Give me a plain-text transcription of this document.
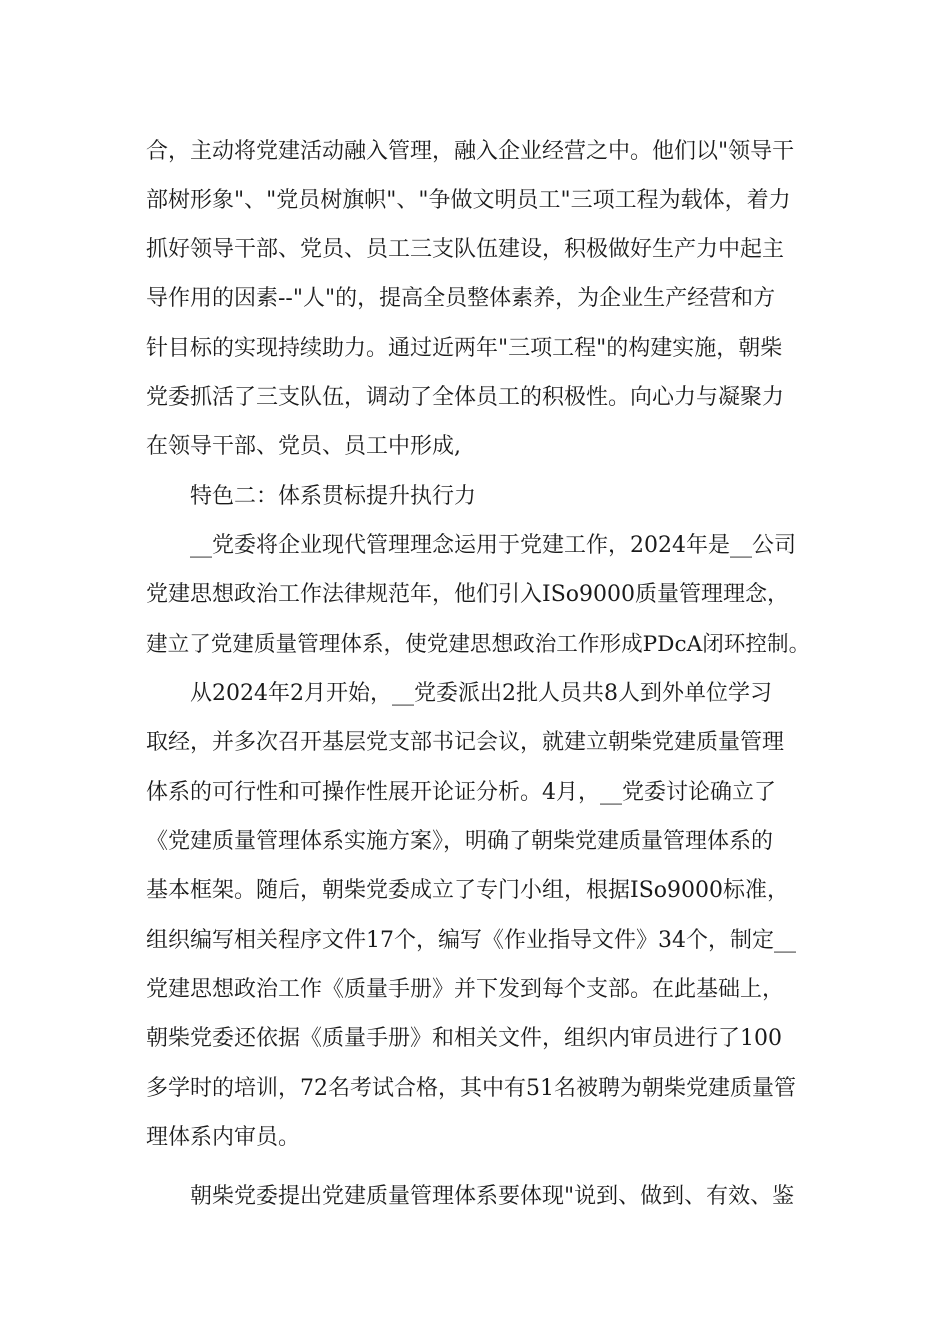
合，主动将党建活动融入管理，融入企业经营之中。他们以"领导干
部树形象"、"党员树旗帜"、"争做文明员工"三项工程为载体，着力
抓好领导干部、党员、员工三支队伍建设，积极做好生产力中起主
导作用的因素--"人"的，提高全员整体素养，为企业生产经营和方
针目标的实现持续助力。通过近两年"三项工程"的构建实施，朝柴
党委抓活了三支队伍，调动了全体员工的积极性。向心力与凝聚力
在领导干部、党员、员工中形成,
特色二：体系贯标提升执行力
__党委将企业现代管理理念运用于党建工作，2024年是__公司
党建思想政治工作法律规范年，他们引入ISo9000质量管理理念，
建立了党建质量管理体系，使党建思想政治工作形成PDcA闭环控制。
从2024年2月开始，__党委派出2批人员共8人到外单位学习
取经，并多次召开基层党支部书记会议，就建立朝柴党建质量管理
体系的可行性和可操作性展开论证分析。4月，__党委讨论确立了
《党建质量管理体系实施方案》，明确了朝柴党建质量管理体系的
基本框架。随后，朝柴党委成立了专门小组，根据ISo9000标准，
组织编写相关程序文件17个，编写《作业指导文件》34个，制定__
党建思想政治工作《质量手册》并下发到每个支部。在此基础上，
朝柴党委还依据《质量手册》和相关文件，组织内审员进行了100
多学时的培训，72名考试合格，其中有51名被聘为朝柴党建质量管
理体系内审员。
朝柴党委提出党建质量管理体系要体现"说到、做到、有效、鉴
